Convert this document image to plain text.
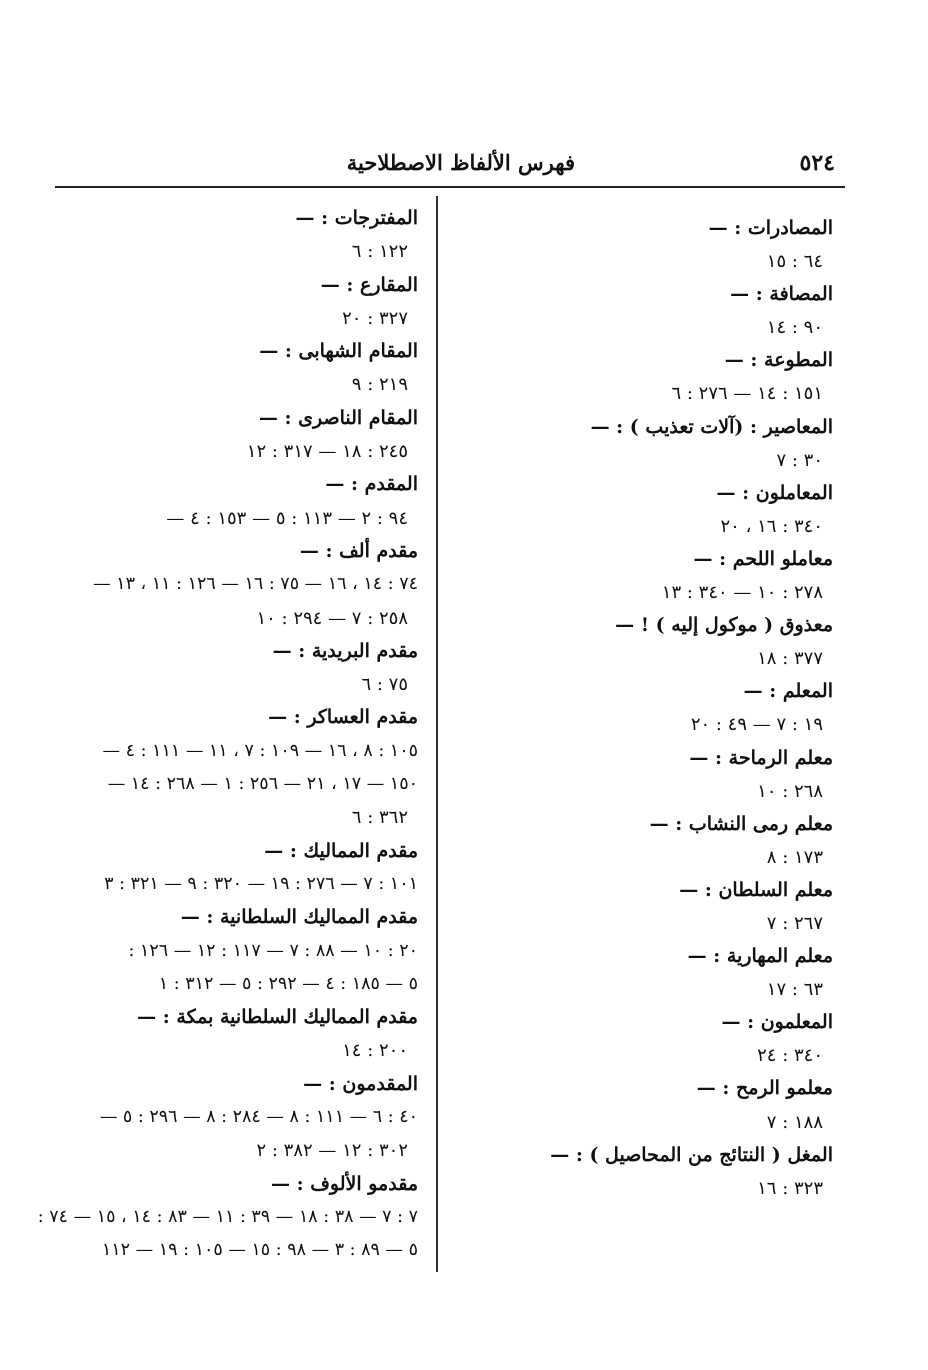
٥٢٤
فهرس الألفاظ الاصطلاحية
المصادرات : —
٦٤ : ١٥
المصافة : —
٩٠ : ١٤
المطوعة : —
١٥١ : ١٤ — ٢٧٦ : ٦
المعاصير : (آلات تعذيب ) : —
٣٠ : ٧
المعاملون : —
٣٤٠ : ١٦ ، ٢٠
معاملو اللحم : —
٢٧٨ : ١٠ — ٣٤٠ : ١٣
معذوق ( موكول إليه ) ! —
٣٧٧ : ١٨
المعلم : —
١٩ : ٧ — ٤٩ : ٢٠
معلم الرماحة : —
٢٦٨ : ١٠
معلم رمى النشاب : —
١٧٣ : ٨
معلم السلطان : —
٢٦٧ : ٧
معلم المهارية : —
٦٣ : ١٧
المعلمون : —
٣٤٠ : ٢٤
معلمو الرمح : —
١٨٨ : ٧
المغل ( النتائج من المحاصيل ) : —
٣٢٣ : ١٦
المفترجات : —
١٢٢ : ٦
المقارع : —
٣٢٧ : ٢٠
المقام الشهابى : —
٢١٩ : ٩
المقام الناصرى : —
٢٤٥ : ١٨ — ٣١٧ : ١٢
المقدم : —
٩٤ : ٢ — ١١٣ : ٥ — ١٥٣ : ٤ —
مقدم ألف : —
٧٤ : ١٤ ، ١٦ — ٧٥ : ١٦ — ١٢٦ : ١١ ، ١٣ —
٢٥٨ : ٧ — ٢٩٤ : ١٠
مقدم البريدية : —
٧٥ : ٦
مقدم العساكر : —
١٠٥ : ٨ ، ١٦ — ١٠٩ : ٧ ، ١١ — ١١١ : ٤ —
١٥٠ — ١٧ ، ٢١ — ٢٥٦ : ١ — ٢٦٨ : ١٤ —
٣٦٢ : ٦
مقدم المماليك : —
١٠١ : ٧ — ٢٧٦ : ١٩ — ٣٢٠ : ٩ — ٣٢١ : ٣
مقدم المماليك السلطانية : —
٢٠ : ١٠ — ٨٨ : ٧ — ١١٧ : ١٢ — ١٢٦ :
٥ — ١٨٥ : ٤ — ٢٩٢ : ٥ — ٣١٢ : ١
مقدم المماليك السلطانية بمكة : —
٢٠٠ : ١٤
المقدمون : —
٤٠ : ٦ — ١١١ : ٨ — ٢٨٤ : ٨ — ٢٩٦ : ٥ —
٣٠٢ : ١٢ — ٣٨٢ : ٢
مقدمو الألوف : —
٧ : ٧ — ٣٨ : ١٨ — ٣٩ : ١١ — ٨٣ : ١٤ ، ١٥ — ٧٤ :
٥ — ٨٩ : ٣ — ٩٨ : ١٥ — ١٠٥ : ١٩ — ١١٢
